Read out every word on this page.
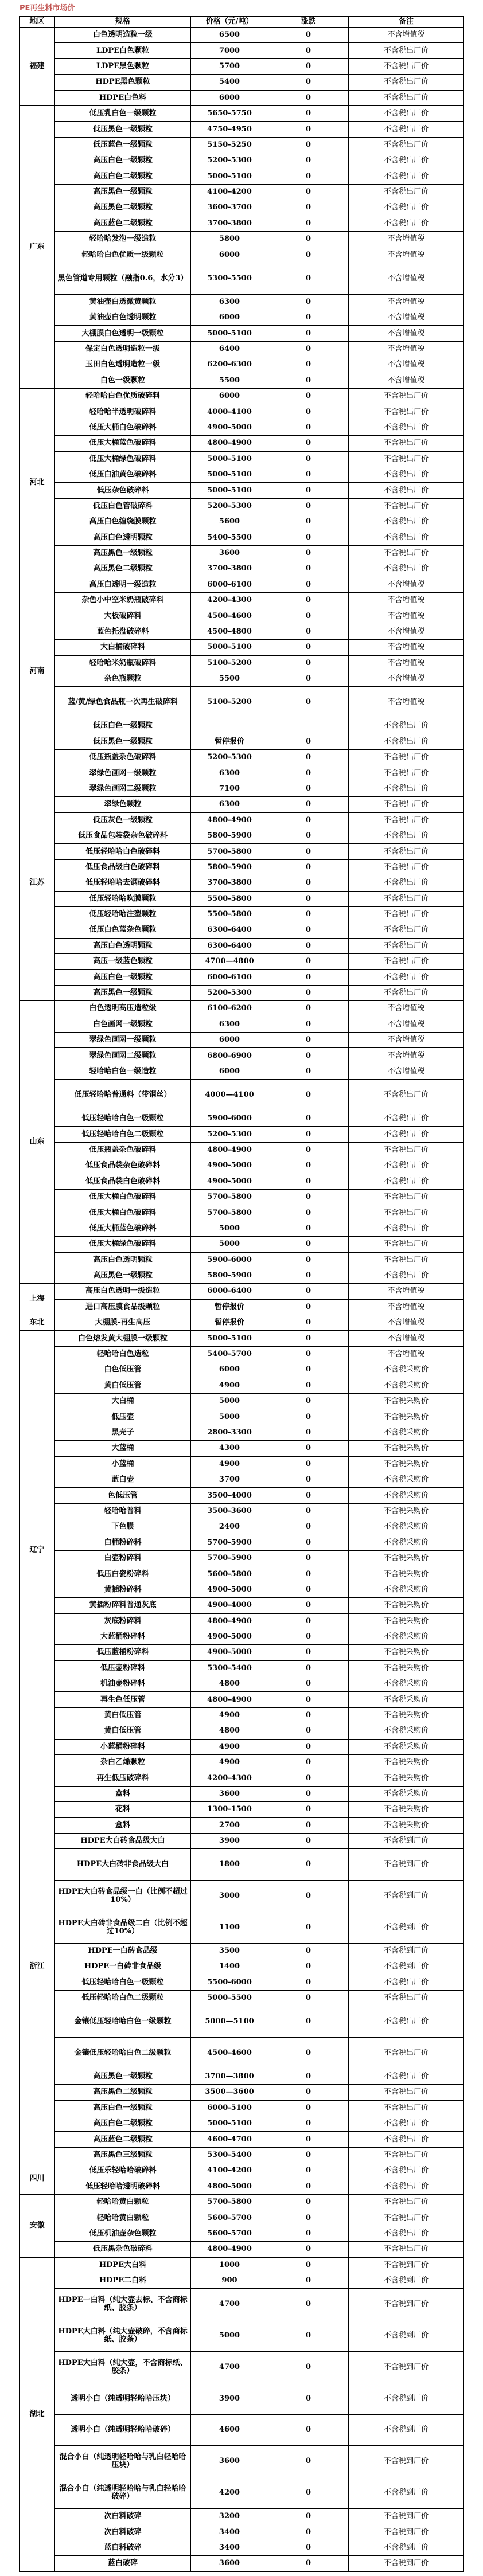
PE再生料市场价
地区	规格	价格（元/吨）	涨跌	备注
福建	白色透明造粒一级	6500	0	不含增值税
	LDPE白色颗粒	7000	0	不含税出厂价
	LDPE黑色颗粒	5700	0	不含税出厂价
	HDPE黑色颗粒	5400	0	不含税出厂价
	HDPE白色料	6000	0	不含税出厂价
广东	低压乳白色一级颗粒	5650-5750	0	不含税出厂价
	低压黑色一级颗粒	4750-4950	0	不含税出厂价
	低压蓝色一级颗粒	5150-5250	0	不含税出厂价
	高压白色一级颗粒	5200-5300	0	不含税出厂价
	高压白色二级颗粒	5000-5100	0	不含税出厂价
	高压黑色一级颗粒	4100-4200	0	不含税出厂价
	高压黑色二级颗粒	3600-3700	0	不含税出厂价
	高压蓝色二级颗粒	3700-3800	0	不含税出厂价
	轻哈哈发泡一级造粒	5800	0	不含增值税
	轻哈哈白色优质一级颗粒	6000	0	不含增值税
	黑色管道专用颗粒（融指0.6，水分3）	5300-5500	0	不含增值税
	黄油壶白透微黄颗粒	6300	0	不含增值税
	黄油壶白色透明颗粒	6000	0	不含增值税
	大棚膜白色透明一级颗粒	5000-5100	0	不含增值税
	保定白色透明造粒一级	6400	0	不含增值税
	玉田白色透明造粒一级	6200-6300	0	不含增值税
	白色一级颗粒	5500	0	不含增值税
河北	轻哈哈白色优质破碎料	6000	0	不含税出厂价
	轻哈哈半透明破碎料	4000-4100	0	不含税出厂价
	低压大桶白色破碎料	4900-5000	0	不含税出厂价
	低压大桶蓝色破碎料	4800-4900	0	不含税出厂价
	低压大桶绿色破碎料	5000-5100	0	不含税出厂价
	低压白油黄色破碎料	5000-5100	0	不含税出厂价
	低压杂色破碎料	5000-5100	0	不含税出厂价
	低压白色管破碎料	5200-5300	0	不含税出厂价
	高压白色缠绕膜颗粒	5600	0	不含税出厂价
	高压白色透明颗粒	5400-5500	0	不含税出厂价
	高压黑色一级颗粒	3600	0	不含税出厂价
	高压黑色二级颗粒	3700-3800	0	不含税出厂价
河南	高压白透明一级造粒	6000-6100	0	不含增值税
	杂色小中空米奶瓶破碎料	4200-4300	0	不含增值税
	大板破碎料	4500-4600	0	不含增值税
	蓝色托盘破碎料	4500-4800	0	不含增值税
	大白桶破碎料	5000-5100	0	不含增值税
	轻哈哈米奶瓶破碎料	5100-5200	0	不含增值税
	杂色瓶颗粒	5500	0	不含增值税
	蓝/黄/绿色食品瓶一次再生破碎料	5100-5200	0	不含增值税
	低压白色一级颗粒			不含税出厂价
	低压黑色一级颗粒	暂停报价	0	不含税出厂价
	低压瓶盖杂色破碎料	5200-5300	0	不含税出厂价
江苏	翠绿色画网一级颗粒	6300	0	不含税出厂价
	翠绿色画网二级颗粒	7100	0	不含税出厂价
	翠绿色颗粒	6300	0	不含税出厂价
	低压灰色一级颗粒	4800-4900	0	不含税出厂价
	低压食品包装袋杂色破碎料	5800-5900	0	不含税出厂价
	低压轻哈哈白色破碎料	5700-5800	0	不含税出厂价
	低压食品级白色破碎料	5800-5900	0	不含税出厂价
	低压轻哈哈去钢破碎料	3700-3800	0	不含税出厂价
	低压轻哈哈吹膜颗粒	5500-5800	0	不含税出厂价
	低压轻哈哈注塑颗粒	5500-5800	0	不含税出厂价
	低压白色蓝杂色颗粒	6300-6400	0	不含税出厂价
	高压白色透明颗粒	6300-6400	0	不含税出厂价
	高压一级蓝色颗粒	4700—4800	0	不含税出厂价
	高压白色一级颗粒	6000-6100	0	不含税出厂价
	高压黑色一级颗粒	5200-5300	0	不含税出厂价
山东	白色透明高压造粒级	6100-6200	0	不含增值税
	白色画网一级颗粒	6300	0	不含增值税
	翠绿色画网一级颗粒	6000	0	不含增值税
	翠绿色画网二级颗粒	6800-6900	0	不含增值税
	轻哈哈白色一级造粒	6000	0	不含增值税
	低压轻哈哈普通料（带钢丝）	4000—4100	0	不含税出厂价
	低压轻哈哈白色一级颗粒	5900-6000	0	不含税出厂价
	低压轻哈哈白色二级颗粒	5200-5300	0	不含税出厂价
	低压瓶盖杂色破碎料	4800-4900	0	不含税出厂价
	低压食品袋杂色破碎料	4900-5000	0	不含税出厂价
	低压食品袋白色破碎料	4900-5000	0	不含税出厂价
	低压大桶白色破碎料	5700-5800	0	不含税出厂价
	低压大桶白色破碎料	5700-5800	0	不含税出厂价
	低压大桶蓝色破碎料	5000	0	不含税出厂价
	低压大桶绿色破碎料	5000	0	不含税出厂价
	高压白色透明颗粒	5900-6000	0	不含税出厂价
	高压黑色一级颗粒	5800-5900	0	不含税出厂价
上海	高压白色透明一级造粒	6000-6400	0	不含增值税
	进口高压膜食品级颗粒	暂停报价	0	不含增值税
东北	大棚膜-再生高压	暂停报价	0	不含增值税
辽宁	白色熔发黄大棚膜一级颗粒	5000-5100	0	不含增值税
	轻哈哈白色造粒	5400-5700	0	不含增值税
	白色低压管	6000	0	不含税采购价
	黄白低压管	4900	0	不含税采购价
	大白桶	5000	0	不含税采购价
	低压壶	5000	0	不含税采购价
	黑壳子	2800-3300	0	不含税采购价
	大蓝桶	4300	0	不含税采购价
	小蓝桶	4900	0	不含税采购价
	蓝白壶	3700	0	不含税采购价
	色低压管	3500-4000	0	不含税采购价
	轻哈哈普料	3500-3600	0	不含税采购价
	下色膜	2400	0	不含税采购价
	白桶粉碎料	5700-5900	0	不含税采购价
	白壶粉碎料	5700-5900	0	不含税采购价
	低压白瓷粉碎料	5600-5800	0	不含税采购价
	黄插粉碎料	4900-5000	0	不含税采购价
	黄插粉碎料普通灰底	4900-4000	0	不含税采购价
	灰底粉碎料	4800-4900	0	不含税采购价
	大蓝桶粉碎料	4900-5000	0	不含税采购价
	低压蓝桶粉碎料	4900-5000	0	不含税采购价
	低压壶粉碎料	5300-5400	0	不含税采购价
	机油壶粉碎料	4800	0	不含税采购价
	再生色低压管	4800-4900	0	不含税采购价
	黄白低压管	4900	0	不含税采购价
	黄白低压管	4800	0	不含税采购价
	小蓝桶粉碎料	4900	0	不含税采购价
	杂白乙烯颗粒	4900	0	不含税采购价
浙江	再生低压破碎料	4200-4300	0	不含税采购价
	盒料	3600	0	不含税采购价
	花料	1300-1500	0	不含税采购价
	盒料	2700	0	不含税采购价
	HDPE大白砖食品级大白	3900	0	不含税到厂价
	HDPE大白砖非食品级大白	1800	0	不含税到厂价
	HDPE大白砖食品级一白（比例不超过10%）	3000	0	不含税到厂价
	HDPE大白砖非食品级二白（比例不超过10%）	1100	0	不含税到厂价
	HDPE一白砖食品级	3500	0	不含税到厂价
	HDPE一白砖非食品级	1400	0	不含税到厂价
	低压轻哈哈白色一级颗粒	5500-6000	0	不含税出厂价
	低压轻哈哈白色二级颗粒	5000-5500	0	不含税出厂价
	金镶低压轻哈哈白色一级颗粒	5000—5100	0	不含税出厂价
	金镶低压轻哈哈白色二级颗粒	4500-4600	0	不含税出厂价
	高压黑色一级颗粒	3700—3800	0	不含税出厂价
	高压黑色二级颗粒	3500—3600	0	不含税出厂价
	高压白色一级颗粒	6000-5100	0	不含税出厂价
	高压白色二级颗粒	5000-5100	0	不含税出厂价
	高压蓝色二级颗粒	4600-4700	0	不含税出厂价
	高压黑色三级颗粒	5300-5400	0	不含税出厂价
四川	低压乐轻哈哈破碎料	4100-4200	0	不含税出厂价
	低压轻哈哈透明破碎料	4800-5000	0	不含税出厂价
安徽	轻哈哈黄白颗粒	5700-5800	0	不含税出厂价
	轻哈哈黄白颗粒	5600-5700	0	不含税出厂价
	低压机油壶杂色颗粒	5600-5700	0	不含税出厂价
	低压黑杂色破碎料	4800-4900	0	不含税出厂价
湖北	HDPE大白料	1000	0	不含税到厂价
	HDPE二白料	900	0	不含税到厂价
	HDPE一白料（纯大壶去标、不含商标纸、胶条）	4700	0	不含税到厂价
	HDPE大白料（纯大壶破碎，不含商标纸、胶条）	5000	0	不含税到厂价
	HDPE大白料（纯大壶，不含商标纸、胶条）	4700	0	不含税到厂价
	透明小白（纯透明轻哈哈压块）	3900	0	不含税到厂价
	透明小白（纯透明轻哈哈破碎）	4600	0	不含税到厂价
	混合小白（纯透明轻哈哈与乳白轻哈哈压块）	3600	0	不含税到厂价
	混合小白（纯透明轻哈哈与乳白轻哈哈破碎）	4200	0	不含税到厂价
	次白料破碎	3200	0	不含税到厂价
	次白料破碎	3400	0	不含税到厂价
	蓝白料破碎	3400	0	不含税到厂价
	蓝白破碎	3600	0	不含税到厂价
